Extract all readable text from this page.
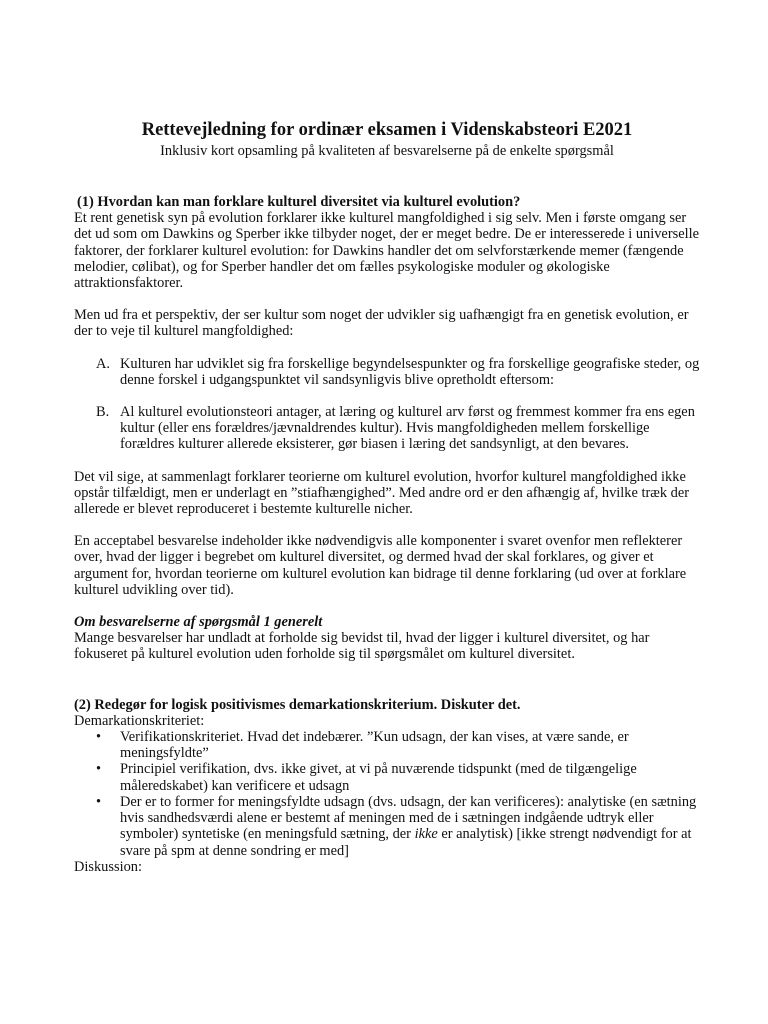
Rettevejledning for ordinær eksamen i Videnskabsteori E2021

Inklusiv kort opsamling på kvaliteten af besvarelserne på de enkelte spørgsmål

(1) Hvordan kan man forklare kulturel diversitet via kulturel evolution?

Et rent genetisk syn på evolution forklarer ikke kulturel mangfoldighed i sig selv. Men i første omgang ser det ud som om Dawkins og Sperber ikke tilbyder noget, der er meget bedre. De er interesserede i universelle faktorer, der forklarer kulturel evolution: for Dawkins handler det om selvforstærkende memer (fængende melodier, cølibat), og for Sperber handler det om fælles psykologiske moduler og økologiske attraktionsfaktorer.

Men ud fra et perspektiv, der ser kultur som noget der udvikler sig uafhængigt fra en genetisk evolution, er der to veje til kulturel mangfoldighed:

A. Kulturen har udviklet sig fra forskellige begyndelsespunkter og fra forskellige geografiske steder, og denne forskel i udgangspunktet vil sandsynligvis blive opretholdt eftersom:
B. Al kulturel evolutionsteori antager, at læring og kulturel arv først og fremmest kommer fra ens egen kultur (eller ens forældres/jævnaldrendes kultur). Hvis mangfoldigheden mellem forskellige forældres kulturer allerede eksisterer, gør biasen i læring det sandsynligt, at den bevares.

Det vil sige, at sammenlagt forklarer teorierne om kulturel evolution, hvorfor kulturel mangfoldighed ikke opstår tilfældigt, men er underlagt en ”stiafhængighed”. Med andre ord er den afhængig af, hvilke træk der allerede er blevet reproduceret i bestemte kulturelle nicher.

En acceptabel besvarelse indeholder ikke nødvendigvis alle komponenter i svaret ovenfor men reflekterer over, hvad der ligger i begrebet om kulturel diversitet, og dermed hvad der skal forklares, og giver et argument for, hvordan teorierne om kulturel evolution kan bidrage til denne forklaring (ud over at forklare kulturel udvikling over tid).

Om besvarelserne af spørgsmål 1 generelt

Mange besvarelser har undladt at forholde sig bevidst til, hvad der ligger i kulturel diversitet, og har fokuseret på kulturel evolution uden forholde sig til spørgsmålet om kulturel diversitet.

(2) Redegør for logisk positivismes demarkationskriterium. Diskuter det.

Demarkationskriteriet:

• Verifikationskriteriet. Hvad det indebærer. ”Kun udsagn, der kan vises, at være sande, er meningsfyldte”
• Principiel verifikation, dvs. ikke givet, at vi på nuværende tidspunkt (med de tilgængelige måleredskabet) kan verificere et udsagn
• Der er to former for meningsfyldte udsagn (dvs. udsagn, der kan verificeres): analytiske (en sætning hvis sandhedsværdi alene er bestemt af meningen med de i sætningen indgående udtryk eller symboler) syntetiske (en meningsfuld sætning, der ikke er analytisk) [ikke strengt nødvendigt for at svare på spm at denne sondring er med]

Diskussion:
